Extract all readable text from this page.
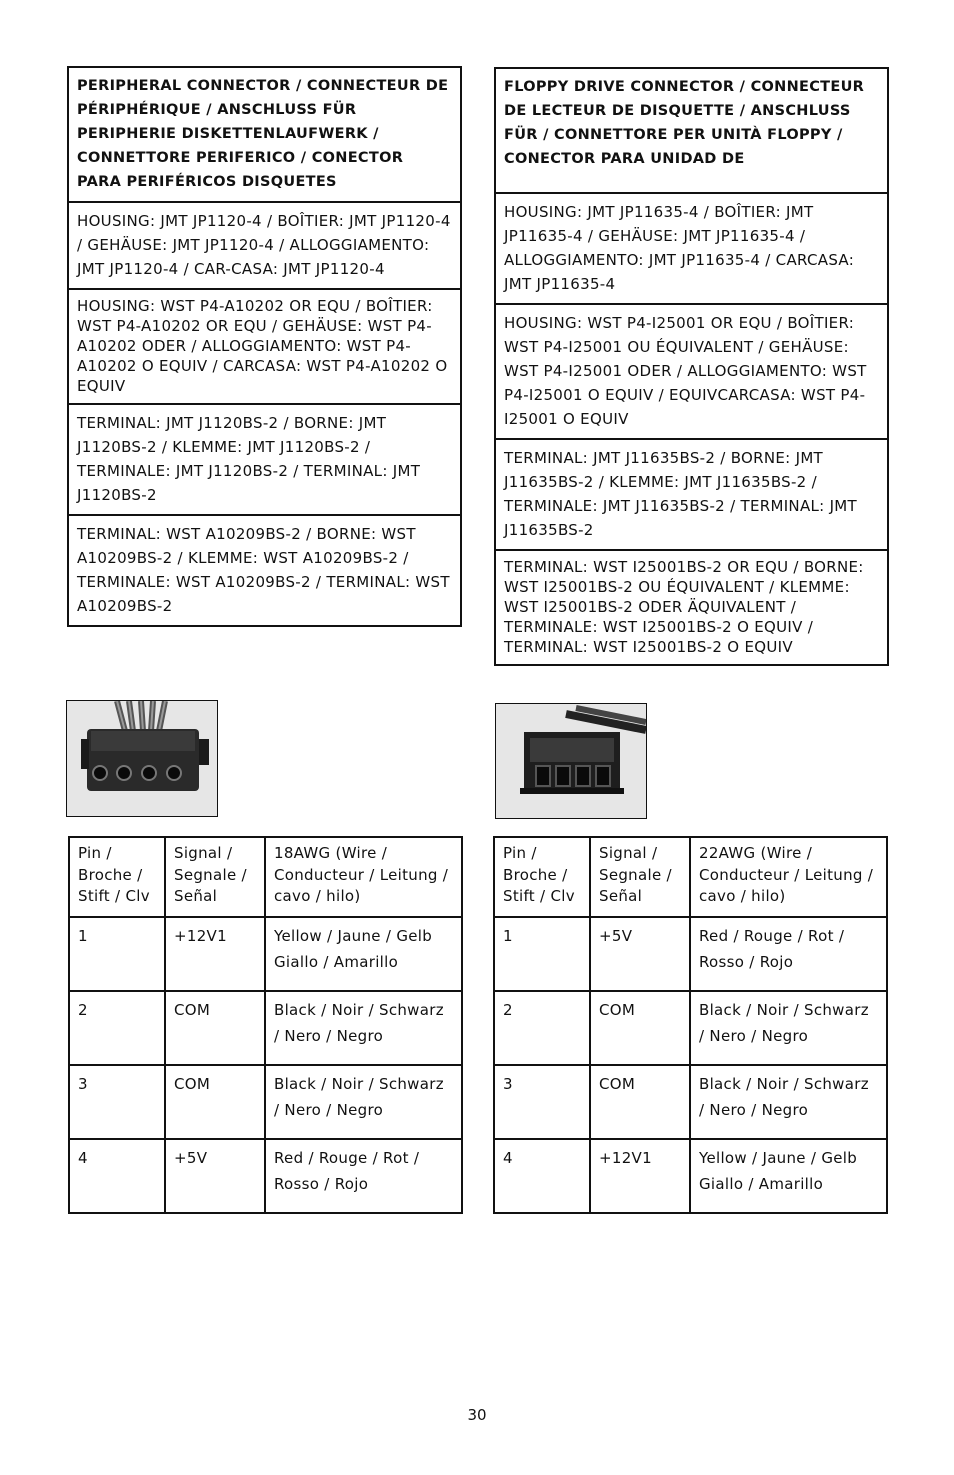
PERIPHERAL CONNECTOR / CONNECTEUR DE PÉRIPHÉRIQUE / ANSCHLUSS FÜR PERIPHERIE DISKETTENLAUFWERK / CONNETTORE PERIFERICO / CONECTOR PARA PERIFÉRICOS DISQUETES
HOUSING: JMT JP1120-4 / BOÎTIER: JMT JP1120-4 / GEHÄUSE: JMT JP1120-4 / ALLOGGIAMENTO: JMT JP1120-4 / CAR-CASA: JMT JP1120-4
HOUSING: WST P4-A10202 OR EQU / BOÎTIER: WST P4-A10202 OR EQU / GEHÄUSE: WST P4-A10202 ODER / ALLOGGIAMENTO: WST P4-A10202 O EQUIV / CARCASA: WST P4-A10202 O EQUIV
TERMINAL: JMT J1120BS-2 / BORNE: JMT J1120BS-2 / KLEMME: JMT J1120BS-2 / TERMINALE: JMT J1120BS-2 / TERMINAL: JMT J1120BS-2
TERMINAL: WST A10209BS-2 / BORNE: WST A10209BS-2 / KLEMME: WST A10209BS-2 / TERMINALE: WST A10209BS-2 / TERMINAL: WST A10209BS-2
FLOPPY DRIVE CONNECTOR / CONNECTEUR DE LECTEUR DE DISQUETTE / ANSCHLUSS FÜR / CONNETTORE PER UNITÀ FLOPPY / CONECTOR PARA UNIDAD DE
HOUSING: JMT JP11635-4 / BOÎTIER: JMT JP11635-4 / GEHÄUSE: JMT JP11635-4 / ALLOGGIAMENTO: JMT JP11635-4 / CARCASA: JMT JP11635-4
HOUSING: WST P4-I25001 OR EQU / BOÎTIER: WST P4-I25001 OU ÉQUIVALENT / GEHÄUSE: WST P4-I25001 ODER / ALLOGGIAMENTO: WST P4-I25001 O EQUIV / EQUIVCARCASA: WST P4-I25001 O EQUIV
TERMINAL: JMT J11635BS-2 / BORNE: JMT J11635BS-2 / KLEMME: JMT J11635BS-2 / TERMINALE: JMT J11635BS-2 / TERMINAL: JMT J11635BS-2
TERMINAL: WST I25001BS-2 OR EQU / BORNE: WST I25001BS-2 OU ÉQUIVALENT / KLEMME: WST I25001BS-2 ODER ÄQUIVALENT / TERMINALE: WST I25001BS-2 O EQUIV / TERMINAL: WST I25001BS-2 O EQUIV
Pin / Broche / Stift / Clv	Signal / Segnale / Señal	18AWG (Wire / Conducteur / Leitung / cavo / hilo)
1	+12V1	Yellow / Jaune / Gelb Giallo / Amarillo
2	COM	Black / Noir / Schwarz / Nero / Negro
3	COM	Black / Noir / Schwarz / Nero / Negro
4	+5V	Red / Rouge / Rot / Rosso / Rojo
Pin / Broche / Stift / Clv	Signal / Segnale / Señal	22AWG (Wire / Conducteur / Leitung / cavo / hilo)
1	+5V	Red / Rouge / Rot / Rosso / Rojo
2	COM	Black / Noir / Schwarz / Nero / Negro
3	COM	Black / Noir / Schwarz / Nero / Negro
4	+12V1	Yellow / Jaune / Gelb Giallo / Amarillo
30
